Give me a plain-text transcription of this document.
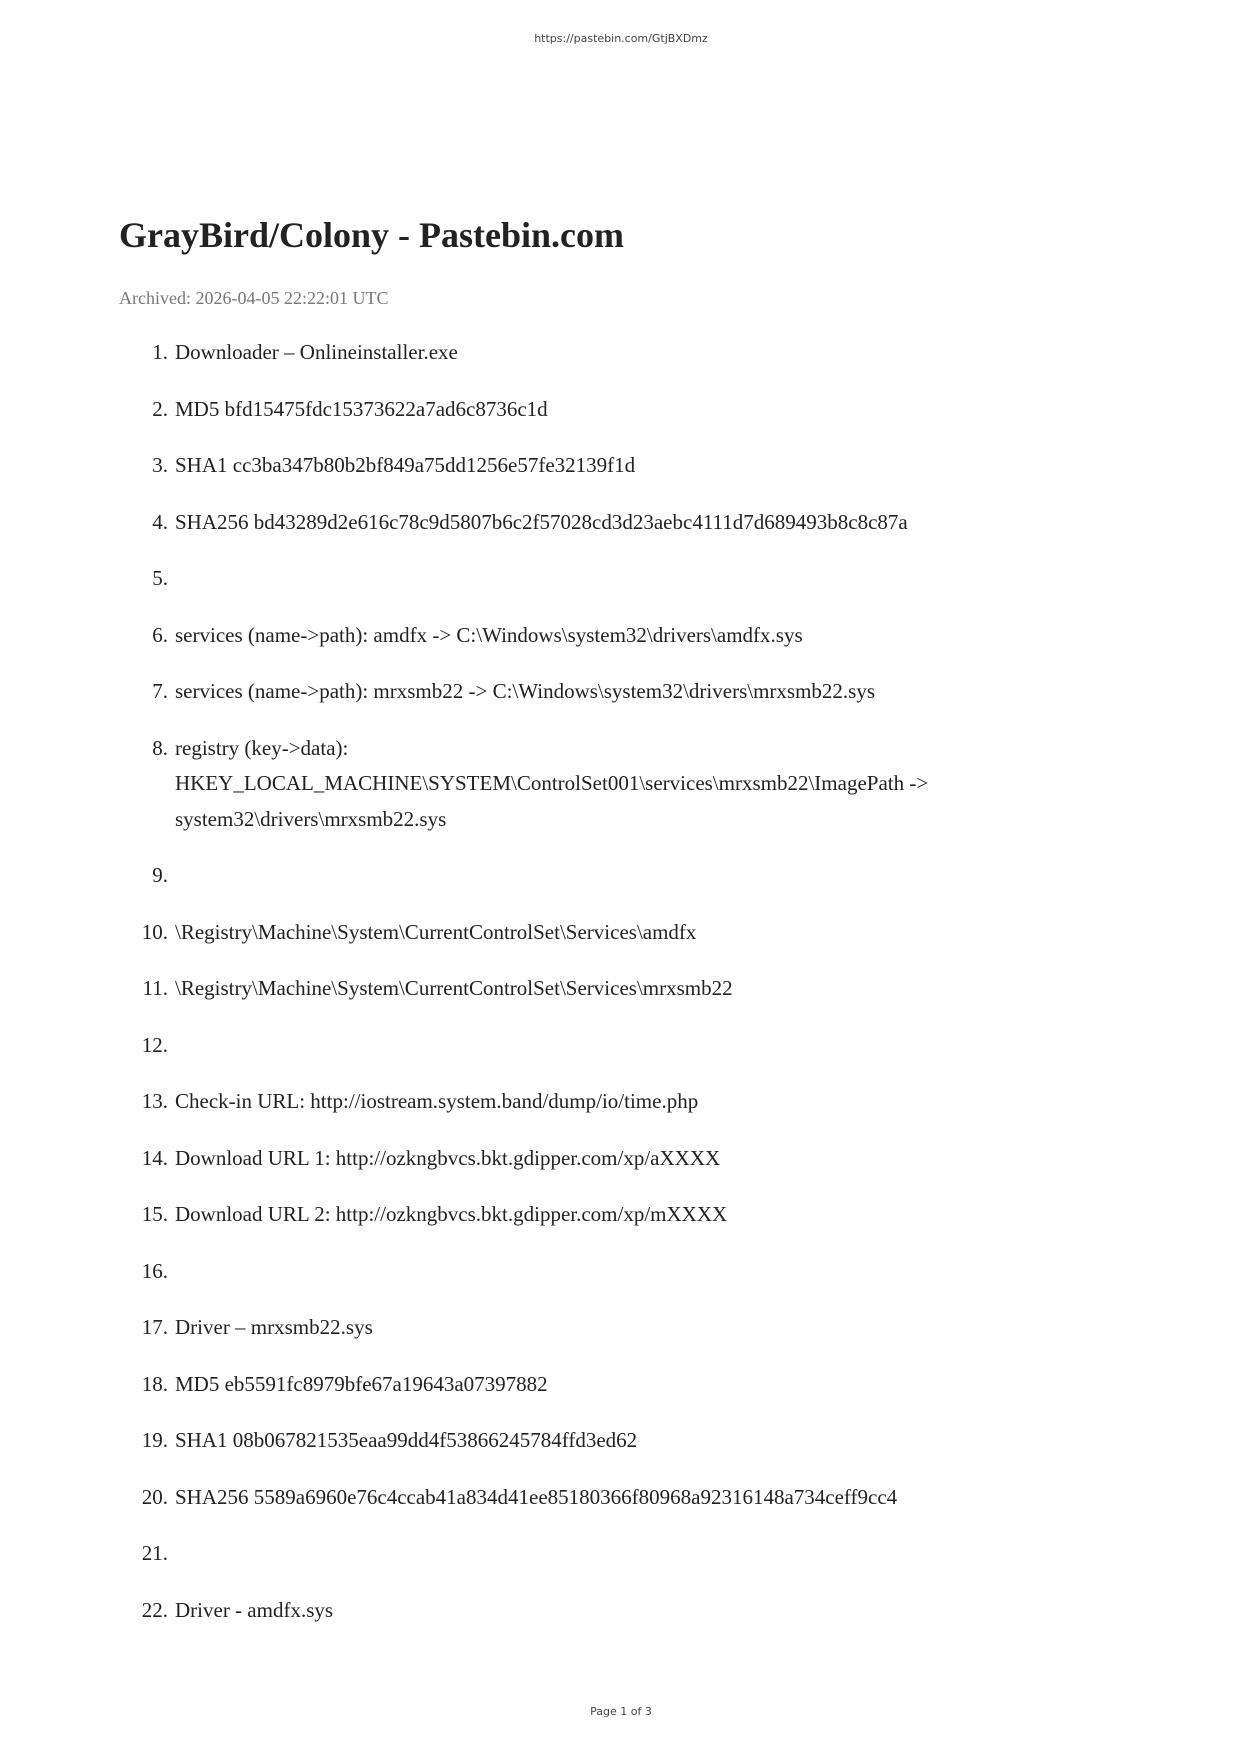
https://pastebin.com/GtjBXDmz
GrayBird/Colony - Pastebin.com
Archived: 2026-04-05 22:22:01 UTC
1. Downloader – Onlineinstaller.exe
2. MD5 bfd15475fdc15373622a7ad6c8736c1d
3. SHA1 cc3ba347b80b2bf849a75dd1256e57fe32139f1d
4. SHA256 bd43289d2e616c78c9d5807b6c2f57028cd3d23aebc4111d7d689493b8c8c87a
5.
6. services (name->path): amdfx -> C:\Windows\system32\drivers\amdfx.sys
7. services (name->path): mrxsmb22 -> C:\Windows\system32\drivers\mrxsmb22.sys
8. registry (key->data): HKEY_LOCAL_MACHINE\SYSTEM\ControlSet001\services\mrxsmb22\ImagePath -> system32\drivers\mrxsmb22.sys
9.
10. \Registry\Machine\System\CurrentControlSet\Services\amdfx
11. \Registry\Machine\System\CurrentControlSet\Services\mrxsmb22
12.
13. Check-in URL: http://iostream.system.band/dump/io/time.php
14. Download URL 1: http://ozkngbvcs.bkt.gdipper.com/xp/aXXXX
15. Download URL 2: http://ozkngbvcs.bkt.gdipper.com/xp/mXXXX
16.
17. Driver – mrxsmb22.sys
18. MD5 eb5591fc8979bfe67a19643a07397882
19. SHA1 08b067821535eaa99dd4f53866245784ffd3ed62
20. SHA256 5589a6960e76c4ccab41a834d41ee85180366f80968a92316148a734ceff9cc4
21.
22. Driver - amdfx.sys
Page 1 of 3
